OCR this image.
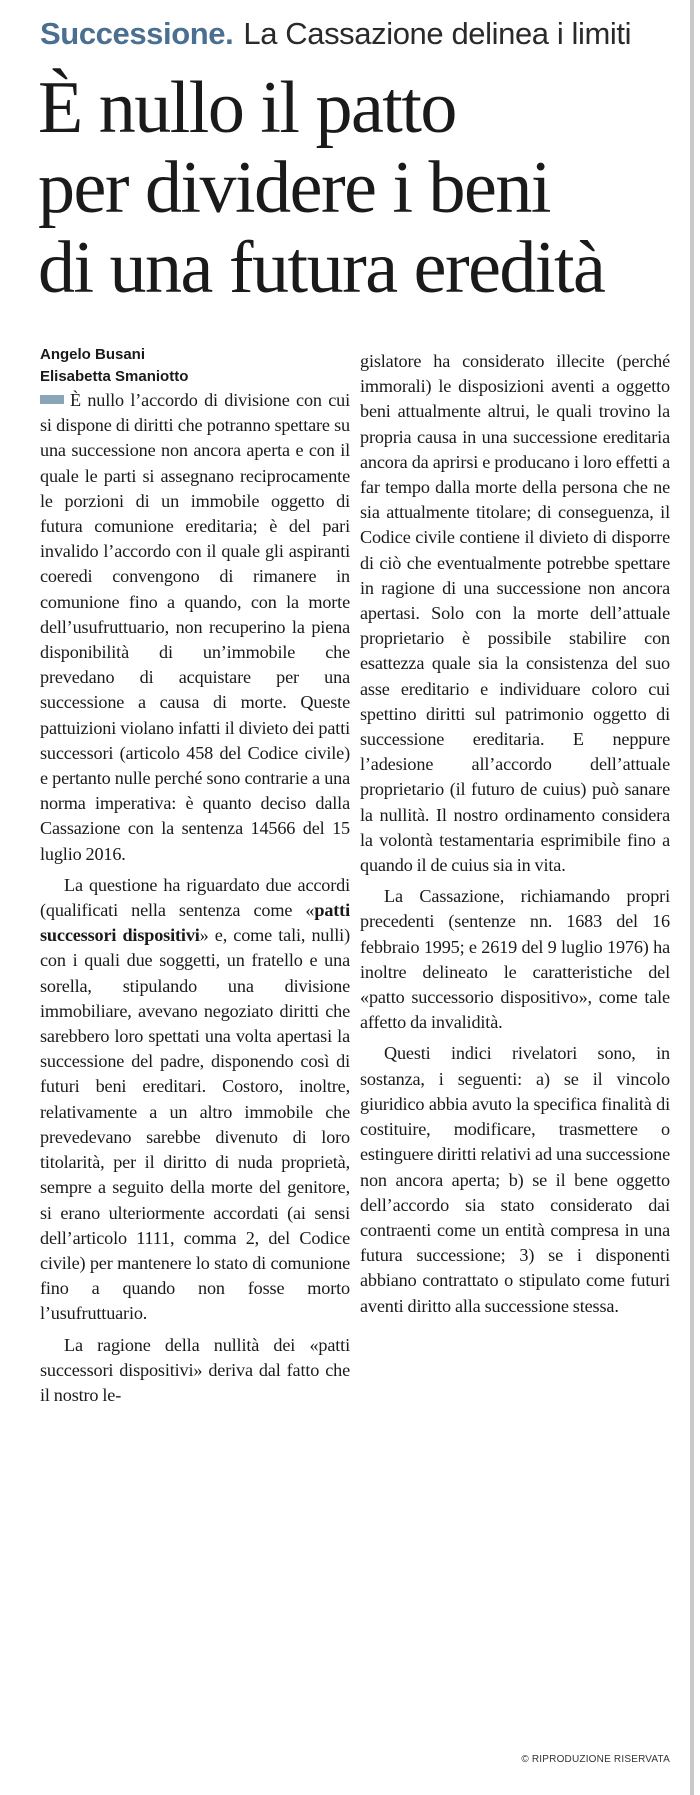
Successione. La Cassazione delinea i limiti
È nullo il patto
per dividere i beni
di una futura eredità
Angelo Busani
Elisabetta Smaniotto

È nullo l’accordo di divisione con cui si dispone di diritti che potranno spettare su una successione non ancora aperta e con il quale le parti si assegnano reciprocamente le porzioni di un immobile oggetto di futura comunione ereditaria; è del pari invalido l’accordo con il quale gli aspiranti coeredi convengono di rimanere in comunione fino a quando, con la morte dell’usufruttuario, non recuperino la piena disponibilità di un’immobile che prevedano di acquistare per una successione a causa di morte. Queste pattuizioni violano infatti il divieto dei patti successori (articolo 458 del Codice civile) e pertanto nulle perché sono contrarie a una norma imperativa: è quanto deciso dalla Cassazione con la sentenza 14566 del 15 luglio 2016.

La questione ha riguardato due accordi (qualificati nella sentenza come «patti successori dispositivi» e, come tali, nulli) con i quali due soggetti, un fratello e una sorella, stipulando una divisione immobiliare, avevano negoziato diritti che sarebbero loro spettati una volta apertasi la successione del padre, disponendo così di futuri beni ereditari. Costoro, inoltre, relativamente a un altro immobile che prevedevano sarebbe divenuto di loro titolarità, per il diritto di nuda proprietà, sempre a seguito della morte del genitore, si erano ulteriormente accordati (ai sensi dell’articolo 1111, comma 2, del Codice civile) per mantenere lo stato di comunione fino a quando non fosse morto l’usufruttuario.

La ragione della nullità dei «patti successori dispositivi» deriva dal fatto che il nostro le-

gislatore ha considerato illecite (perché immorali) le disposizioni aventi a oggetto beni attualmente altrui, le quali trovino la propria causa in una successione ereditaria ancora da aprirsi e producano i loro effetti a far tempo dalla morte della persona che ne sia attualmente titolare; di conseguenza, il Codice civile contiene il divieto di disporre di ciò che eventualmente potrebbe spettare in ragione di una successione non ancora apertasi. Solo con la morte dell’attuale proprietario è possibile stabilire con esattezza quale sia la consistenza del suo asse ereditario e individuare coloro cui spettino diritti sul patrimonio oggetto di successione ereditaria. E neppure l’adesione all’accordo dell’attuale proprietario (il futuro de cuius) può sanare la nullità. Il nostro ordinamento considera la volontà testamentaria esprimibile fino a quando il de cuius sia in vita.

La Cassazione, richiamando propri precedenti (sentenze nn. 1683 del 16 febbraio 1995; e 2619 del 9 luglio 1976) ha inoltre delineato le caratteristiche del «patto successorio dispositivo», come tale affetto da invalidità.

Questi indici rivelatori sono, in sostanza, i seguenti: a) se il vincolo giuridico abbia avuto la specifica finalità di costituire, modificare, trasmettere o estinguere diritti relativi ad una successione non ancora aperta; b) se il bene oggetto dell’accordo sia stato considerato dai contraenti come un entità compresa in una futura successione; 3) se i disponenti abbiano contrattato o stipulato come futuri aventi diritto alla successione stessa.

© RIPRODUZIONE RISERVATA
